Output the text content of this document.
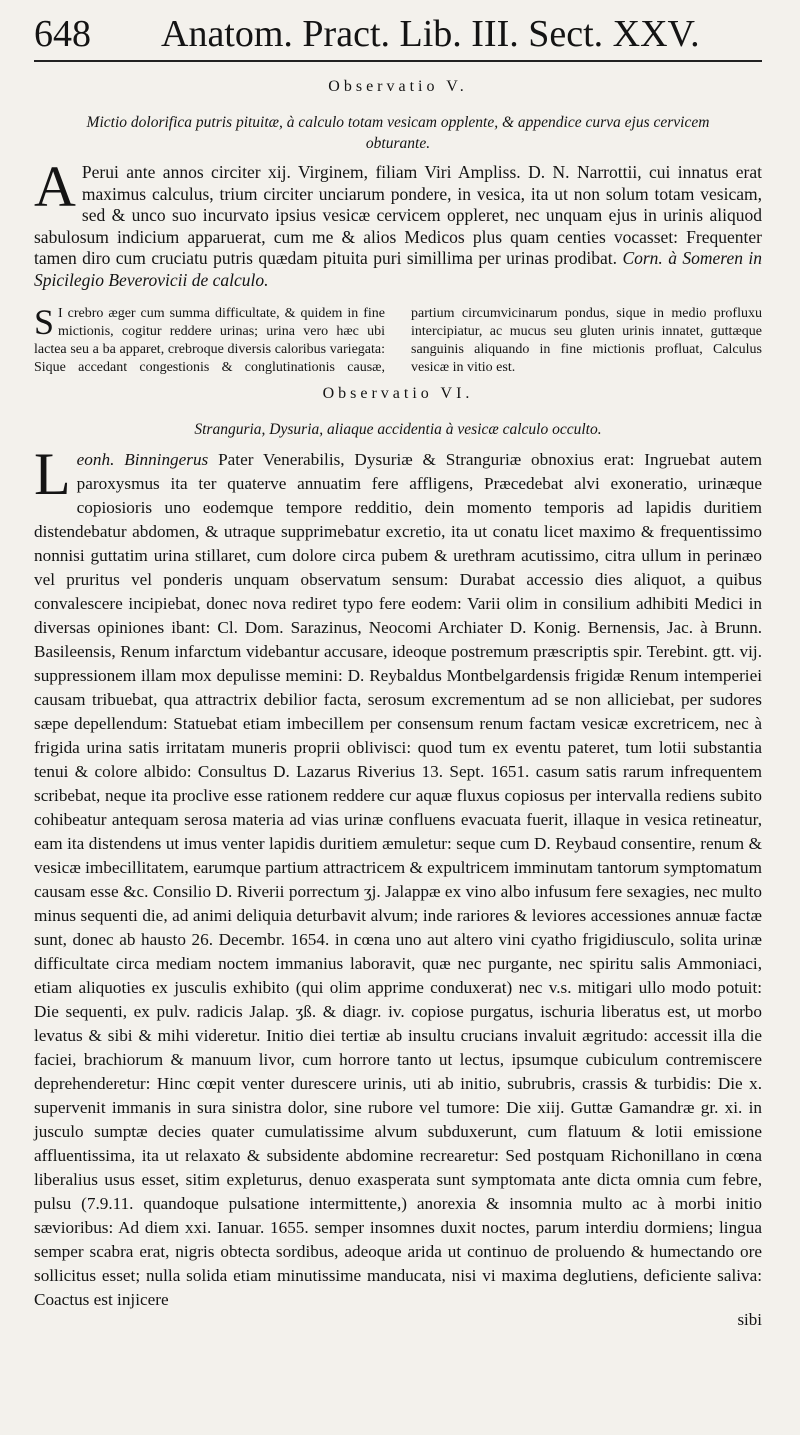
648 Anatom. Pract. Lib. III. Sect. XXV.
Observatio V.

Mictio dolorifica putris pituitæ, à calculo totam vesicam opplente, & appendice curva ejus cervicem obturante.

A Perui ante annos circiter xij. Virginem, filiam Viri Ampliss. D. N. Narrottii, cui innatus erat maximus calculus, trium circiter unciarum pondere, in vesica, ita ut non solum totam vesicam, sed & unco suo incurvato ipsius vesicæ cervicem oppleret, nec unquam ejus in urinis aliquod sabulosum indicium apparuerat, cum me & alios Medicos plus quam centies vocasset: Frequenter tamen diro cum cruciatu putris quædam pituita puri simillima per urinas prodibat. Corn. à Someren in Spicilegio Beverovicii de calculo.

S I crebro æger cum summa difficultate, & quidem in fine mictionis, cogitur reddere urinas; urina vero hæc ubi lactea seu a ba apparet, crebroque diversis caloribus variegata: Sique accedant congestionis & conglutinationis causæ, partium circumvicinarum pondus, sique in medio profluxu intercipiatur, ac mucus seu gluten urinis innatet, guttæque sanguinis aliquando in fine mictionis profluat, Calculus vesicæ in vitio est.
Observatio VI.

Stranguria, Dysuria, aliaque accidentia à vesicæ calculo occulto.

Leonh. Binningerus Pater Venerabilis, Dysuriæ & Stranguriæ obnoxius erat: Ingruebat autem paroxysmus ita ter quaterve annuatim fere affligens, Præcedebat alvi exoneratio, urinæque copiosioris uno eodemque tempore redditio, dein momento temporis ad lapidis duritiem distendebatur abdomen, & utraque supprimebatur excretio, ita ut conatu licet maximo & frequentissimo nonnisi guttatim urina stillaret, cum dolore circa pubem & urethram acutissimo, citra ullum in perinæo vel pruritus vel ponderis unquam observatum sensum: Durabat accessio dies aliquot, a quibus convalescere incipiebat, donec nova rediret typo fere eodem: Varii olim in consilium adhibiti Medici in diversas opiniones ibant: Cl. Dom. Sarazinus, Neocomi Archiater D. Konig. Bernensis, Jac. à Brunn. Basileensis, Renum infarctum videbantur accusare, ideoque postremum præscriptis spir. Terebint. gtt. vij. suppressionem illam mox depulisse memini: D. Reybaldus Montbelgardensis frigidæ Renum intemperiei causam tribuebat, qua attractrix debilior facta, serosum excrementum ad se non alliciebat, per sudores sæpe depellendum: Statuebat etiam imbecillem per consensum renum factam vesicæ excretricem, nec à frigida urina satis irritatam muneris proprii oblivisci: quod tum ex eventu pateret, tum lotii substantia tenui & colore albido: Consultus D. Lazarus Riverius 13. Sept. 1651. casum satis rarum infrequentem scribebat, neque ita proclive esse rationem reddere cur aquæ fluxus copiosus per intervalla rediens subito cohibeatur antequam serosa materia ad vias urinæ confluens evacuata fuerit, illaque in vesica retineatur, eam ita distendens ut imus venter lapidis duritiem æmuletur: seque cum D. Reybaud consentire, renum & vesicæ imbecillitatem, earumque partium attractricem & expultricem imminutam tantorum symptomatum causam esse &c. Consilio D. Riverii porrectum ʒj. Jalappæ ex vino albo infusum fere sexagies, nec multo minus sequenti die, ad animi deliquia deturbavit alvum; inde rariores & leviores accessiones annuæ factæ sunt, donec ab hausto 26. Decembr. 1654. in cœna uno aut altero vini cyatho frigidiusculo, solita urinæ difficultate circa mediam noctem immanius laboravit, quæ nec purgante, nec spiritu salis Ammoniaci, etiam aliquoties ex jusculis exhibito (qui olim apprime conduxerat) nec v.s. mitigari ullo modo potuit: Die sequenti, ex pulv. radicis Jalap. ʒß. & diagr. iv. copiose purgatus, ischuria liberatus est, ut morbo levatus & sibi & mihi videretur. Initio diei tertiæ ab insultu crucians invaluit ægritudo: accessit illa die faciei, brachiorum & manuum livor, cum horrore tanto ut lectus, ipsumque cubiculum contremiscere deprehenderetur: Hinc cœpit venter durescere urinis, uti ab initio, subrubris, crassis & turbidis: Die x. supervenit immanis in sura sinistra dolor, sine rubore vel tumore: Die xiij. Guttæ Gamandræ gr. xi. in jusculo sumptæ decies quater cumulatissime alvum subduxerunt, cum flatuum & lotii emissione affluentissima, ita ut relaxato & subsidente abdomine recrearetur: Sed postquam Richonillano in cœna liberalius usus esset, sitim expleturus, denuo exasperata sunt symptomata ante dicta omnia cum febre, pulsu (7.9.11. quandoque pulsatione intermittente,) anorexia & insomnia multo ac à morbi initio sævioribus: Ad diem xxi. Ianuar. 1655. semper insomnes duxit noctes, parum interdiu dormiens; lingua semper scabra erat, nigris obtecta sordibus, adeoque arida ut continuo de proluendo & humectando ore sollicitus esset; nulla solida etiam minutissime manducata, nisi vi maxima deglutiens, deficiente saliva: Coactus est injicere

sibi
